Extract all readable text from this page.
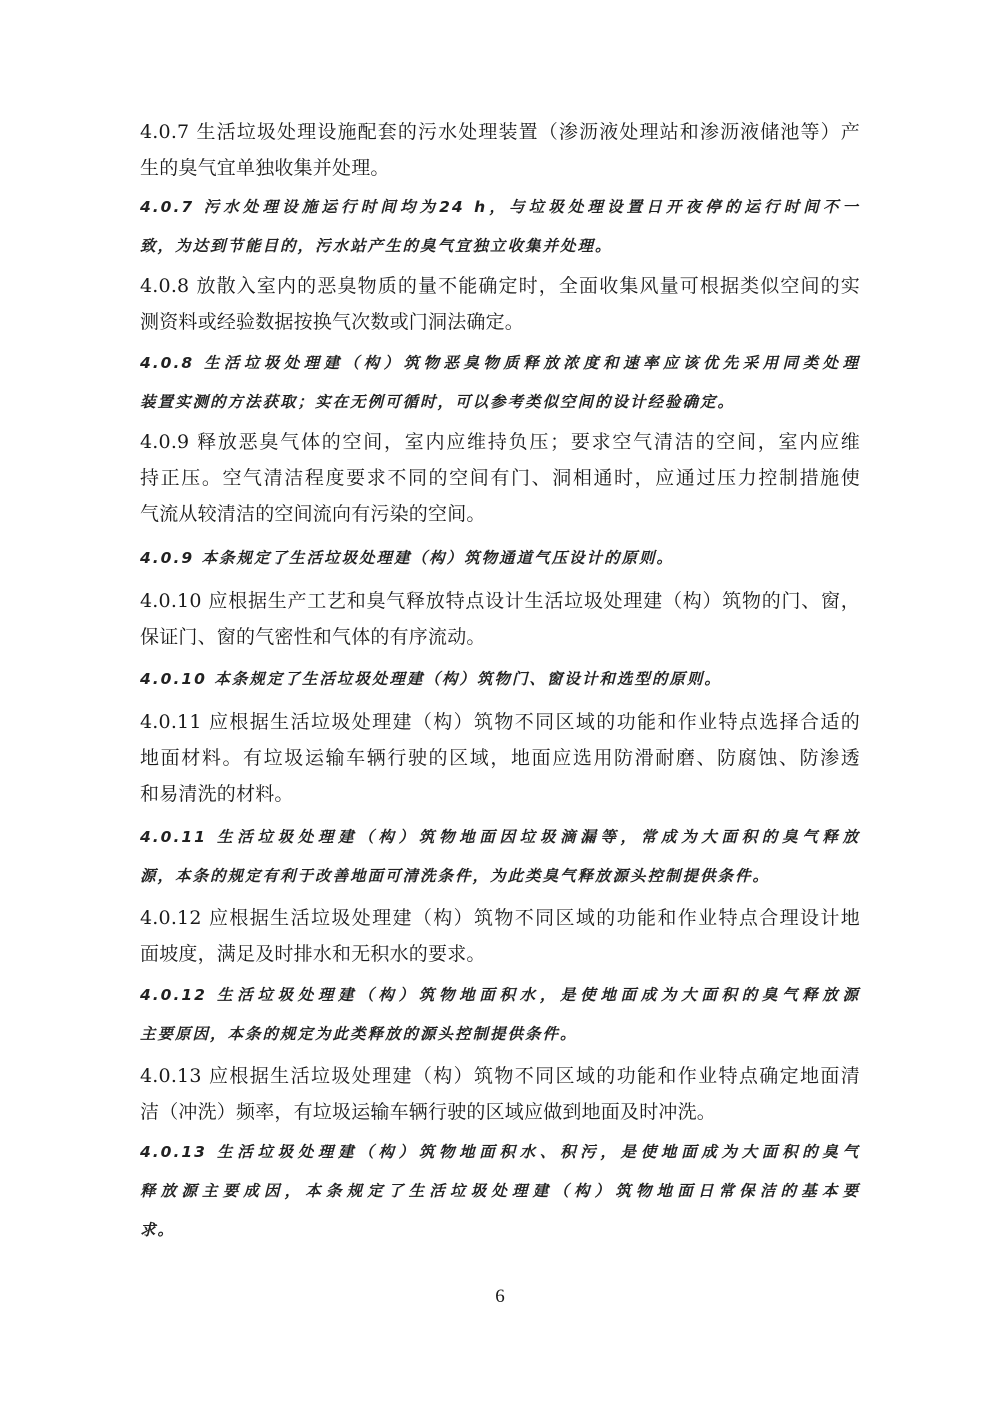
4.0.7 生活垃圾处理设施配套的污水处理装置（渗沥液处理站和渗沥液储池等）产
生的臭气宜单独收集并处理。

4.0.7 污水处理设施运行时间均为24 h，与垃圾处理设置日开夜停的运行时间不一
致，为达到节能目的，污水站产生的臭气宜独立收集并处理。

4.0.8 放散入室内的恶臭物质的量不能确定时，全面收集风量可根据类似空间的实
测资料或经验数据按换气次数或门洞法确定。

4.0.8 生活垃圾处理建（构）筑物恶臭物质释放浓度和速率应该优先采用同类处理
装置实测的方法获取；实在无例可循时，可以参考类似空间的设计经验确定。

4.0.9 释放恶臭气体的空间，室内应维持负压；要求空气清洁的空间，室内应维
持正压。空气清洁程度要求不同的空间有门、洞相通时，应通过压力控制措施使
气流从较清洁的空间流向有污染的空间。

4.0.9 本条规定了生活垃圾处理建（构）筑物通道气压设计的原则。

4.0.10 应根据生产工艺和臭气释放特点设计生活垃圾处理建（构）筑物的门、窗，
保证门、窗的气密性和气体的有序流动。

4.0.10 本条规定了生活垃圾处理建（构）筑物门、窗设计和选型的原则。

4.0.11 应根据生活垃圾处理建（构）筑物不同区域的功能和作业特点选择合适的
地面材料。有垃圾运输车辆行驶的区域，地面应选用防滑耐磨、防腐蚀、防渗透
和易清洗的材料。

4.0.11 生活垃圾处理建（构）筑物地面因垃圾滴漏等，常成为大面积的臭气释放
源，本条的规定有利于改善地面可清洗条件，为此类臭气释放源头控制提供条件。

4.0.12 应根据生活垃圾处理建（构）筑物不同区域的功能和作业特点合理设计地
面坡度，满足及时排水和无积水的要求。

4.0.12 生活垃圾处理建（构）筑物地面积水，是使地面成为大面积的臭气释放源
主要原因，本条的规定为此类释放的源头控制提供条件。

4.0.13 应根据生活垃圾处理建（构）筑物不同区域的功能和作业特点确定地面清
洁（冲洗）频率，有垃圾运输车辆行驶的区域应做到地面及时冲洗。

4.0.13 生活垃圾处理建（构）筑物地面积水、积污，是使地面成为大面积的臭气
释放源主要成因，本条规定了生活垃圾处理建（构）筑物地面日常保洁的基本要
求。

6
